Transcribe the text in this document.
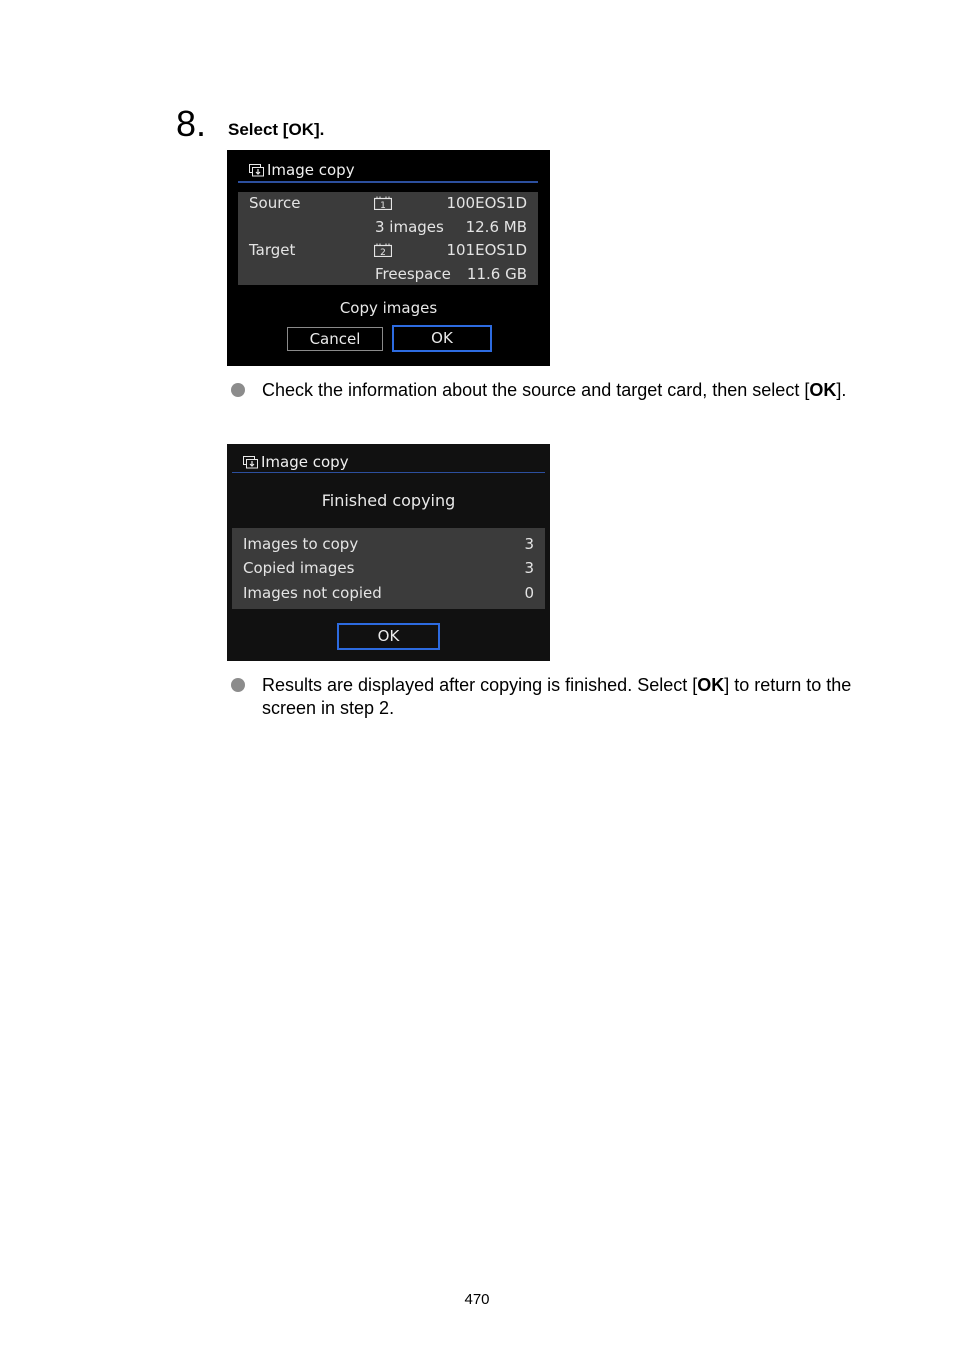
8. Select [OK].
Image copy
Source	1	100EOS1D
3 images 12.6 MB
Target	2	101EOS1D
Freespace 11.6 GB
Copy images
Cancel	OK
Check the information about the source and target card, then select [OK].
Image copy
Finished copying
Images to copy	3
Copied images	3
Images not copied	0
OK
Results are displayed after copying is finished. Select [OK] to return to the screen in step 2.
470
